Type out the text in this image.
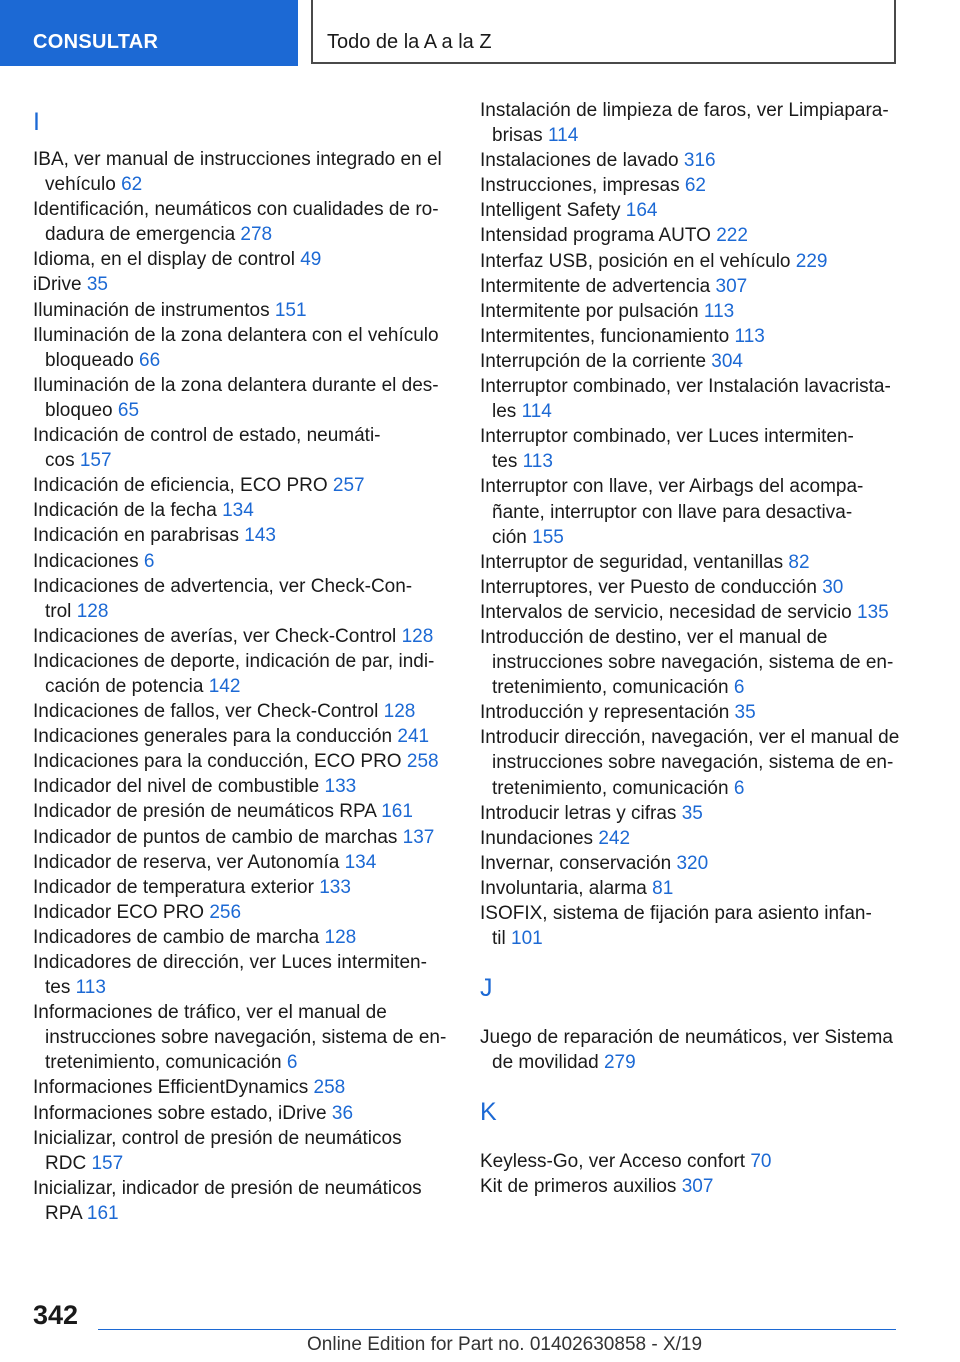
CONSULTAR	Todo de la A a la Z
I
IBA, ver manual de instrucciones integrado en el
vehículo 62
Identificación, neumáticos con cualidades de ro‐
dadura de emergencia 278
Idioma, en el display de control 49
iDrive 35
Iluminación de instrumentos 151
Iluminación de la zona delantera con el vehículo
bloqueado 66
Iluminación de la zona delantera durante el des‐
bloqueo 65
Indicación de control de estado, neumáti‐
cos 157
Indicación de eficiencia, ECO PRO 257
Indicación de la fecha 134
Indicación en parabrisas 143
Indicaciones 6
Indicaciones de advertencia, ver Check-Con‐
trol 128
Indicaciones de averías, ver Check-Control 128
Indicaciones de deporte, indicación de par, indi‐
cación de potencia 142
Indicaciones de fallos, ver Check-Control 128
Indicaciones generales para la conducción 241
Indicaciones para la conducción, ECO PRO 258
Indicador del nivel de combustible 133
Indicador de presión de neumáticos RPA 161
Indicador de puntos de cambio de marchas 137
Indicador de reserva, ver Autonomía 134
Indicador de temperatura exterior 133
Indicador ECO PRO 256
Indicadores de cambio de marcha 128
Indicadores de dirección, ver Luces intermiten‐
tes 113
Informaciones de tráfico, ver el manual de
instrucciones sobre navegación, sistema de en‐
tretenimiento, comunicación 6
Informaciones EfficientDynamics 258
Informaciones sobre estado, iDrive 36
Inicializar, control de presión de neumáticos
RDC 157
Inicializar, indicador de presión de neumáticos
RPA 161
Instalación de limpieza de faros, ver Limpiapara‐
brisas 114
Instalaciones de lavado 316
Instrucciones, impresas 62
Intelligent Safety 164
Intensidad programa AUTO 222
Interfaz USB, posición en el vehículo 229
Intermitente de advertencia 307
Intermitente por pulsación 113
Intermitentes, funcionamiento 113
Interrupción de la corriente 304
Interruptor combinado, ver Instalación lavacrista‐
les 114
Interruptor combinado, ver Luces intermiten‐
tes 113
Interruptor con llave, ver Airbags del acompa‐
ñante, interruptor con llave para desactiva‐
ción 155
Interruptor de seguridad, ventanillas 82
Interruptores, ver Puesto de conducción 30
Intervalos de servicio, necesidad de servicio 135
Introducción de destino, ver el manual de
instrucciones sobre navegación, sistema de en‐
tretenimiento, comunicación 6
Introducción y representación 35
Introducir dirección, navegación, ver el manual de
instrucciones sobre navegación, sistema de en‐
tretenimiento, comunicación 6
Introducir letras y cifras 35
Inundaciones 242
Invernar, conservación 320
Involuntaria, alarma 81
ISOFIX, sistema de fijación para asiento infan‐
til 101
J
Juego de reparación de neumáticos, ver Sistema
de movilidad 279
K
Keyless-Go, ver Acceso confort 70
Kit de primeros auxilios 307
342
Online Edition for Part no. 01402630858 - X/19
